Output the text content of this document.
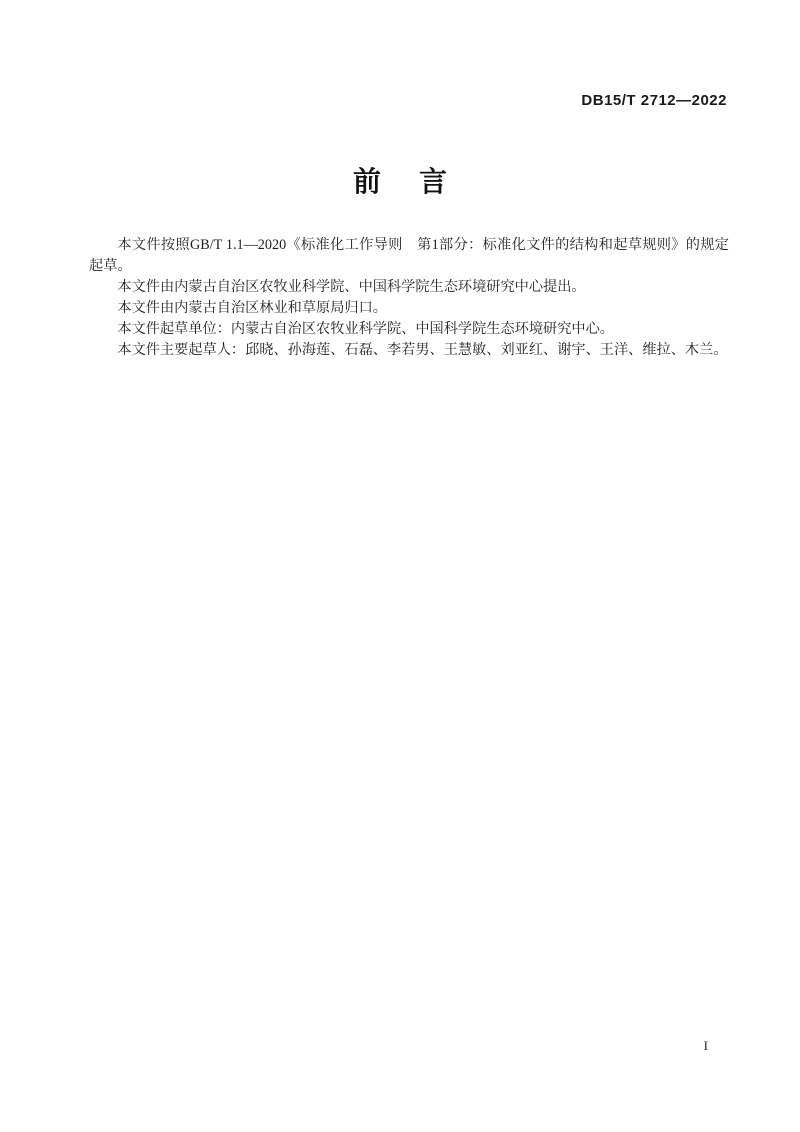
DB15/T 2712—2022
前 言

本文件按照GB/T 1.1—2020《标准化工作导则　第1部分：标准化文件的结构和起草规则》的规定起草。

本文件由内蒙古自治区农牧业科学院、中国科学院生态环境研究中心提出。

本文件由内蒙古自治区林业和草原局归口。

本文件起草单位：内蒙古自治区农牧业科学院、中国科学院生态环境研究中心。

本文件主要起草人：邱晓、孙海莲、石磊、李若男、王慧敏、刘亚红、谢宇、王洋、维拉、木兰。

I
